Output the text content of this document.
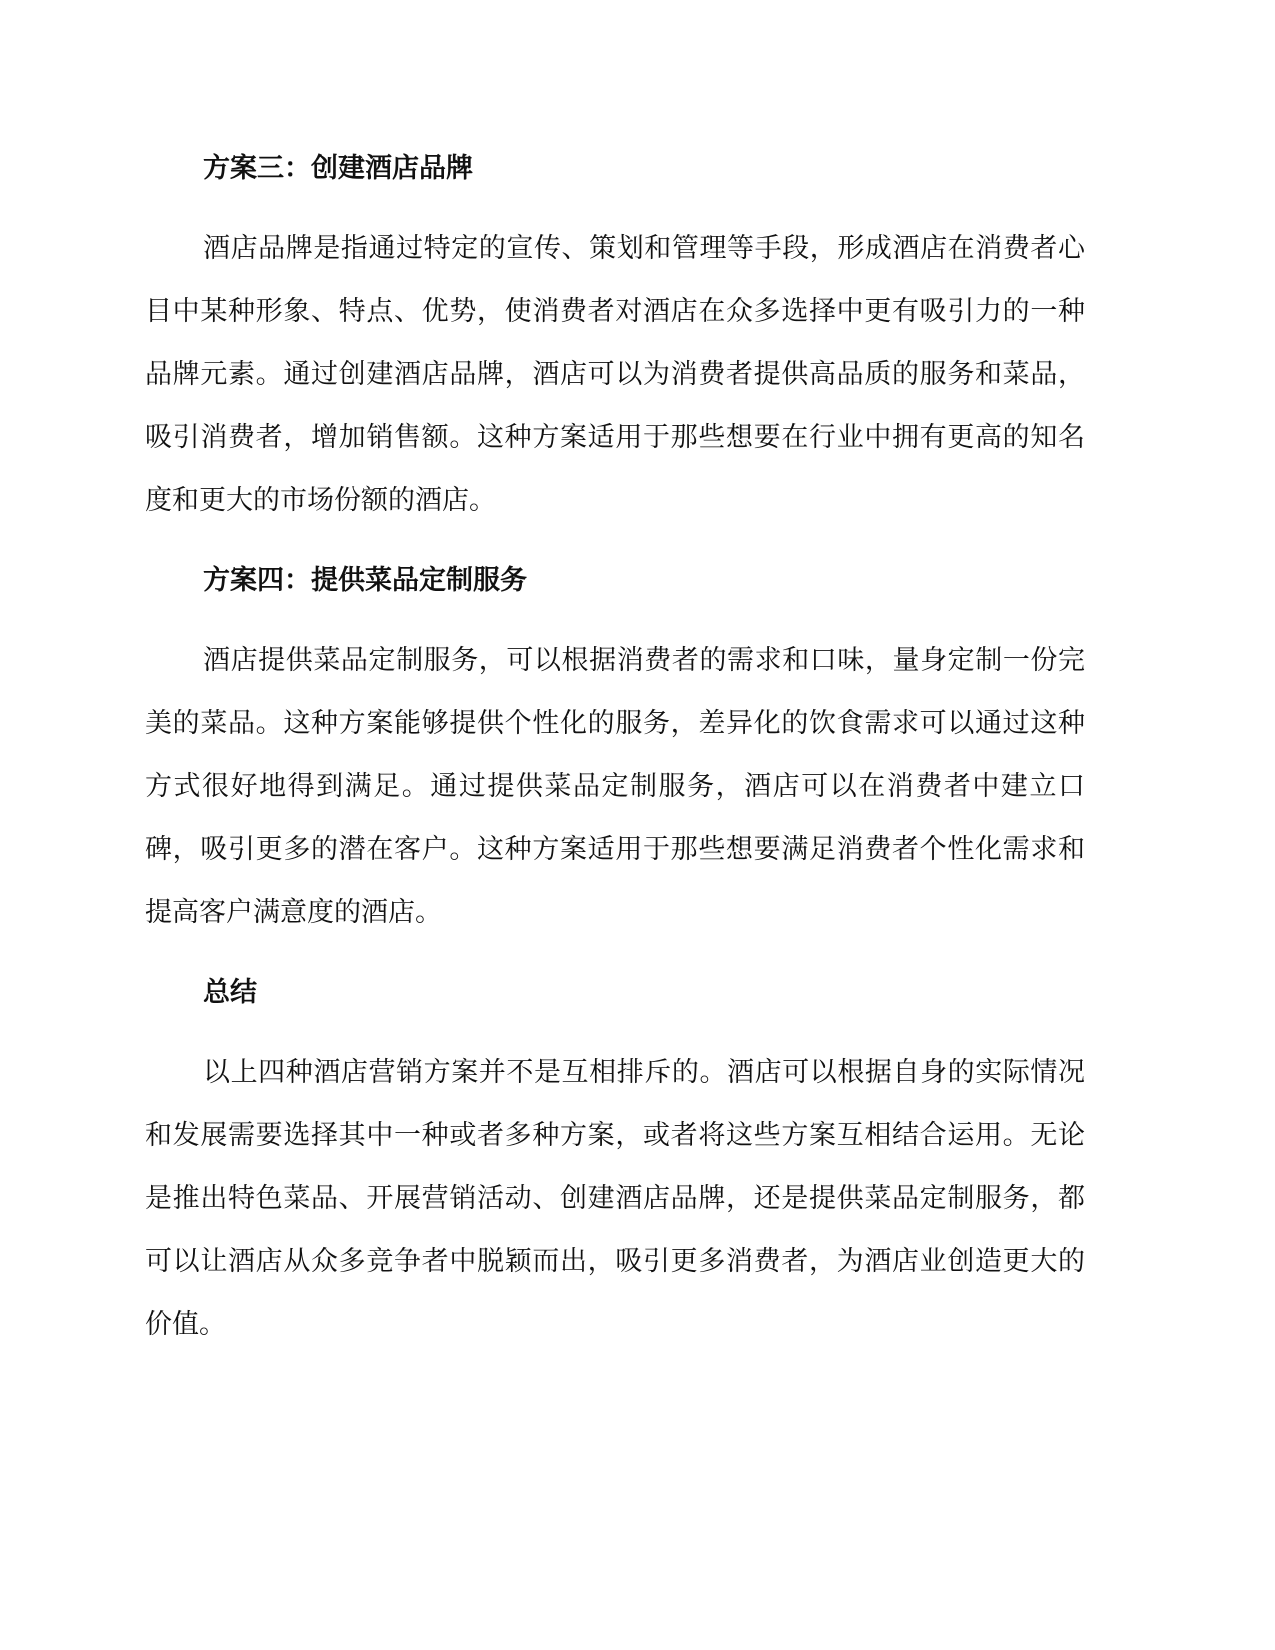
方案三：创建酒店品牌

酒店品牌是指通过特定的宣传、策划和管理等手段，形成酒店在消费者心目中某种形象、特点、优势，使消费者对酒店在众多选择中更有吸引力的一种品牌元素。通过创建酒店品牌，酒店可以为消费者提供高品质的服务和菜品，吸引消费者，增加销售额。这种方案适用于那些想要在行业中拥有更高的知名度和更大的市场份额的酒店。

方案四：提供菜品定制服务

酒店提供菜品定制服务，可以根据消费者的需求和口味，量身定制一份完美的菜品。这种方案能够提供个性化的服务，差异化的饮食需求可以通过这种方式很好地得到满足。通过提供菜品定制服务，酒店可以在消费者中建立口碑，吸引更多的潜在客户。这种方案适用于那些想要满足消费者个性化需求和提高客户满意度的酒店。

总结

以上四种酒店营销方案并不是互相排斥的。酒店可以根据自身的实际情况和发展需要选择其中一种或者多种方案，或者将这些方案互相结合运用。无论是推出特色菜品、开展营销活动、创建酒店品牌，还是提供菜品定制服务，都可以让酒店从众多竞争者中脱颖而出，吸引更多消费者，为酒店业创造更大的价值。
